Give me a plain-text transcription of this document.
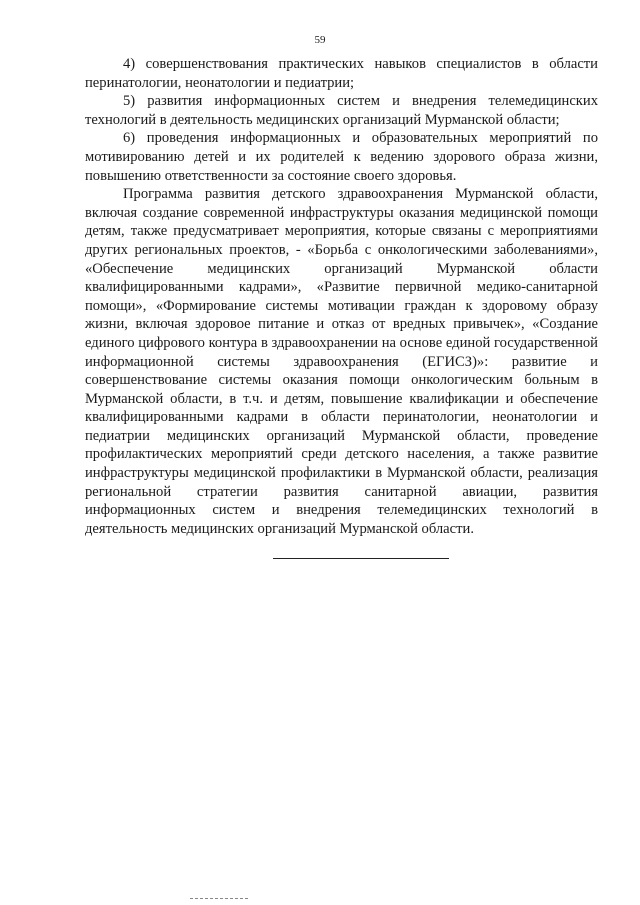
59

4) совершенствования практических навыков специалистов в области перинатологии, неонатологии и педиатрии;

5) развития информационных систем и внедрения телемедицинских технологий в деятельность медицинских организаций Мурманской области;

6) проведения информационных и образовательных мероприятий по мотивированию детей и их родителей к ведению здорового образа жизни, повышению ответственности за состояние своего здоровья.

Программа развития детского здравоохранения Мурманской области, включая создание современной инфраструктуры оказания медицинской помощи детям, также предусматривает мероприятия, которые связаны с мероприятиями других региональных проектов, - «Борьба с онкологическими заболеваниями», «Обеспечение медицинских организаций Мурманской области квалифицированными кадрами», «Развитие первичной медико-санитарной помощи», «Формирование системы мотивации граждан к здоровому образу жизни, включая здоровое питание и отказ от вредных привычек», «Создание единого цифрового контура в здравоохранении на основе единой государственной информационной системы здравоохранения (ЕГИСЗ)»: развитие и совершенствование системы оказания помощи онкологическим больным в Мурманской области, в т.ч. и детям, повышение квалификации и обеспечение квалифицированными кадрами в области перинатологии, неонатологии и педиатрии медицинских организаций Мурманской области, проведение профилактических мероприятий среди детского населения, а также развитие инфраструктуры медицинской профилактики в Мурманской области, реализация региональной стратегии развития санитарной авиации, развития информационных систем и внедрения телемедицинских технологий в деятельность медицинских организаций Мурманской области.
